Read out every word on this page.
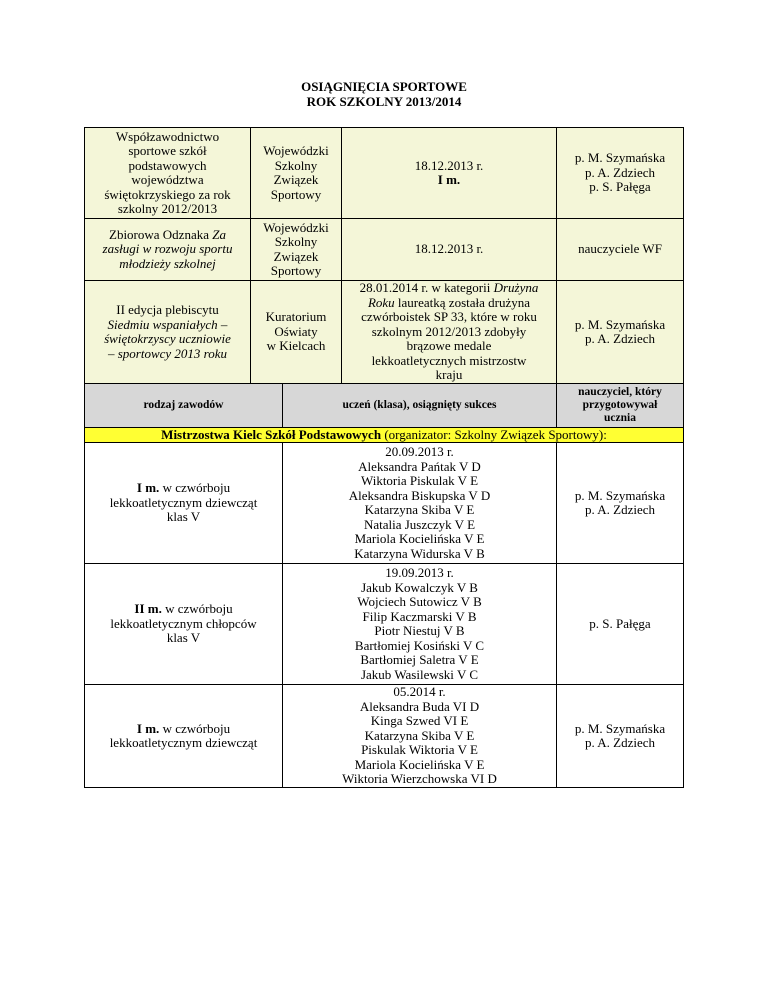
OSIĄGNIĘCIA SPORTOWE
ROK SZKOLNY 2013/2014
Współzawodnictwo
sportowe szkół
podstawowych
województwa
świętokrzyskiego za rok
szkolny 2012/2013
Wojewódzki
Szkolny
Związek
Sportowy
18.12.2013 r.
I m.
p. M. Szymańska
p. A. Zdziech
p. S. Pałęga
Zbiorowa Odznaka Za
zasługi w rozwoju sportu
młodzieży szkolnej
Wojewódzki
Szkolny
Związek
Sportowy
18.12.2013 r.	nauczyciele WF
II edycja plebiscytu
Siedmiu wspaniałych –
świętokrzyscy uczniowie
– sportowcy 2013 roku
Kuratorium
Oświaty
w Kielcach
28.01.2014 r. w kategorii Drużyna
Roku laureatką została drużyna
czwórboistek SP 33, które w roku
szkolnym 2012/2013 zdobyły
brązowe medale
lekkoatletycznych mistrzostw
kraju
p. M. Szymańska
p. A. Zdziech
rodzaj zawodów	uczeń (klasa), osiągnięty sukces
nauczyciel, który
przygotowywał
ucznia
Mistrzostwa Kielc Szkół Podstawowych (organizator: Szkolny Związek Sportowy):
I m. w czwórboju
lekkoatletycznym dziewcząt
klas V
20.09.2013 r.
Aleksandra Pańtak V D
Wiktoria Piskulak V E
Aleksandra Biskupska V D
Katarzyna Skiba V E
Natalia Juszczyk V E
Mariola Kocielińska V E
Katarzyna Widurska V B
p. M. Szymańska
p. A. Zdziech
II m. w czwórboju
lekkoatletycznym chłopców
klas V
19.09.2013 r.
Jakub Kowalczyk V B
Wojciech Sutowicz V B
Filip Kaczmarski V B
Piotr Niestuj V B
Bartłomiej Kosiński V C
Bartłomiej Saletra V E
Jakub Wasilewski V C
p. S. Pałęga
I m. w czwórboju
lekkoatletycznym dziewcząt
05.2014 r.
Aleksandra Buda VI D
Kinga Szwed VI E
Katarzyna Skiba V E
Piskulak Wiktoria V E
Mariola Kocielińska V E
Wiktoria Wierzchowska VI D
p. M. Szymańska
p. A. Zdziech
